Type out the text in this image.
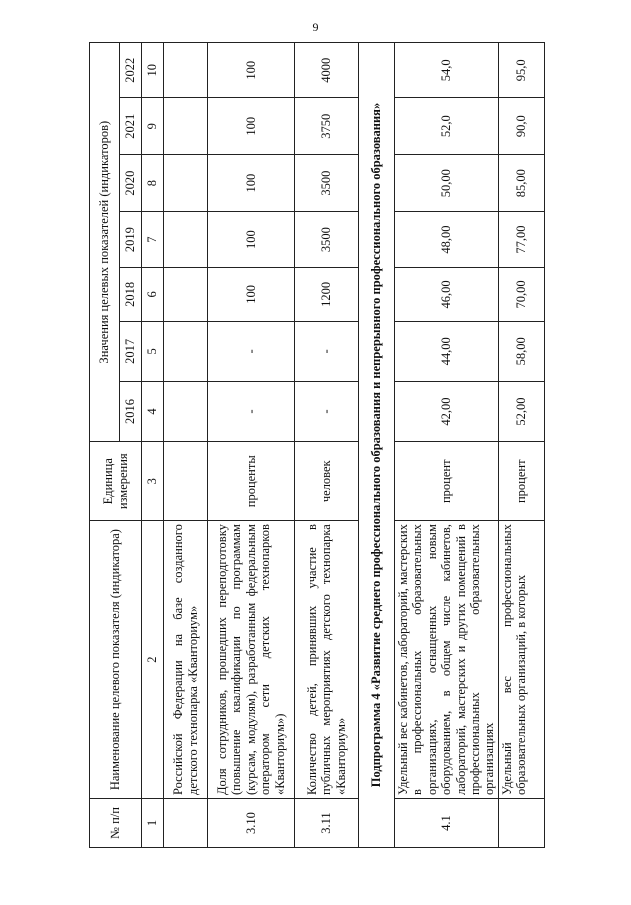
9
№ п/п	Наименование целевого показателя (индикатора)	Единица измерения	Значения целевых показателей (индикаторов)						
			2016	2017	2018	2019	2020	2021	2022
1	2	3	4	5	6	7	8	9	10
	Российской Федерации на базе созданного детского технопарка «Кванториум»								
3.10	Доля сотрудников, прошедших переподготовку (повышение квалификации по программам (курсам, модулям), разработанным федеральным оператором сети детских технопарков «Кванториум»)	проценты	-	-	100	100	100	100	100
3.11	Количество детей, принявших участие в публичных мероприятиях детского технопарка «Кванториум»	человек	-	-	1200	3500	3500	3750	4000
Подпрограмма 4 «Развитие среднего профессионального образования и непрерывного профессионального образования»									
4.1	Удельный вес кабинетов, лабораторий, мастерских в профессиональных образовательных организациях, оснащенных новым оборудованием, в общем числе кабинетов, лабораторий, мастерских и других помещений в профессиональных образовательных организациях	процент	42,00	44,00	46,00	48,00	50,00	52,0	54,0
	Удельный вес профессиональных образовательных организаций, в которых	процент	52,00	58,00	70,00	77,00	85,00	90,0	95,0
